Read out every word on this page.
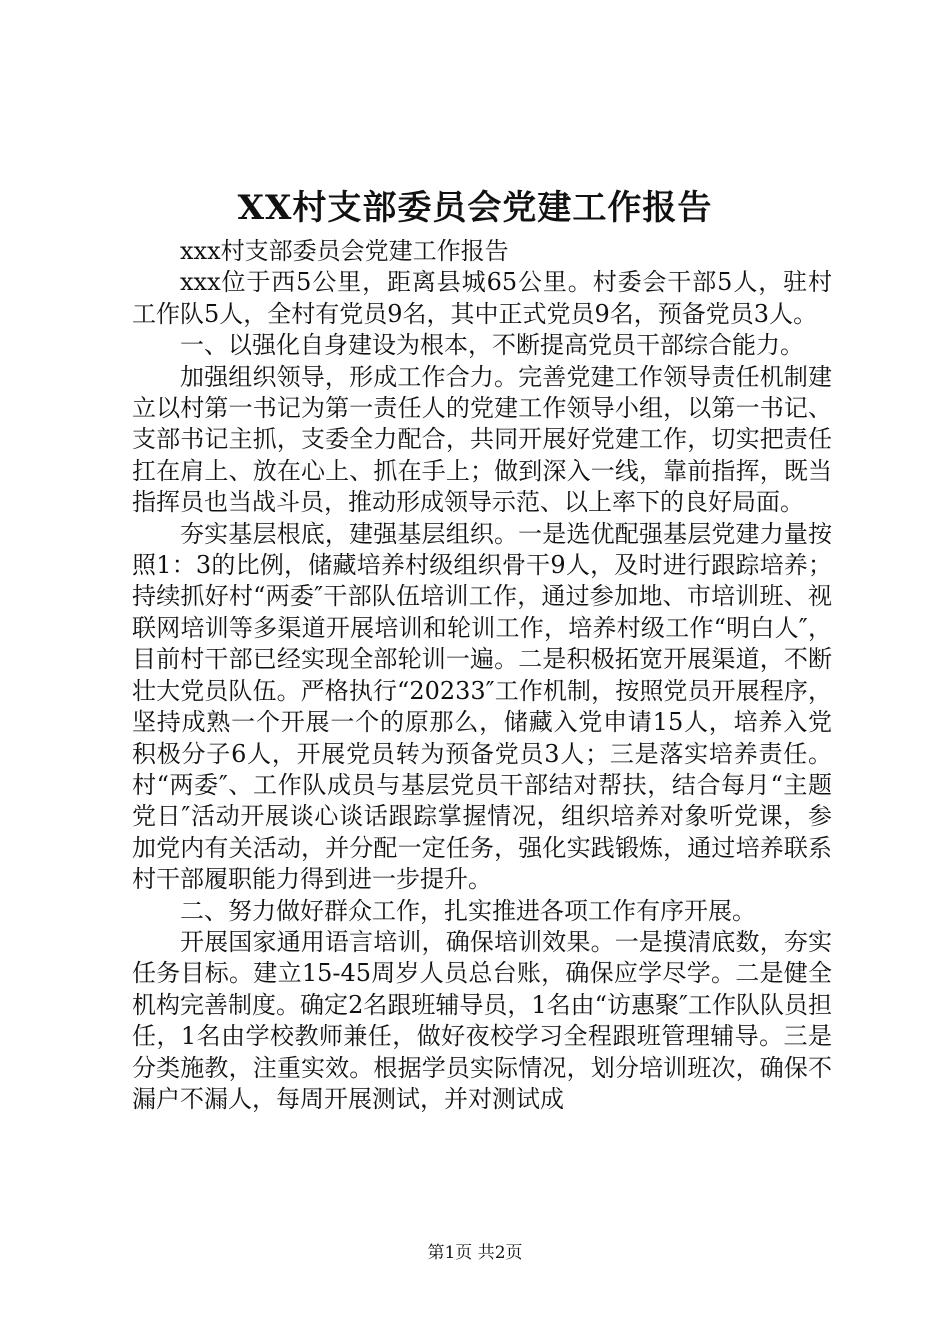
XX村支部委员会党建工作报告

xxx村支部委员会党建工作报告

xxx位于西5公里，距离县城65公里。村委会干部5人，驻村工作队5人，全村有党员9名，其中正式党员9名，预备党员3人。

一、以强化自身建设为根本，不断提高党员干部综合能力。

加强组织领导，形成工作合力。完善党建工作领导责任机制建立以村第一书记为第一责任人的党建工作领导小组，以第一书记、支部书记主抓，支委全力配合，共同开展好党建工作，切实把责任扛在肩上、放在心上、抓在手上；做到深入一线，靠前指挥，既当指挥员也当战斗员，推动形成领导示范、以上率下的良好局面。

夯实基层根底，建强基层组织。一是选优配强基层党建力量按照1：3的比例，储藏培养村级组织骨干9人，及时进行跟踪培养；持续抓好村“两委″干部队伍培训工作，通过参加地、市培训班、视联网培训等多渠道开展培训和轮训工作，培养村级工作“明白人″，目前村干部已经实现全部轮训一遍。二是积极拓宽开展渠道，不断壮大党员队伍。严格执行“20233″工作机制，按照党员开展程序，坚持成熟一个开展一个的原那么，储藏入党申请15人，培养入党积极分子6人，开展党员转为预备党员3人；三是落实培养责任。村“两委″、工作队成员与基层党员干部结对帮扶，结合每月“主题党日″活动开展谈心谈话跟踪掌握情况，组织培养对象听党课，参加党内有关活动，并分配一定任务，强化实践锻炼，通过培养联系村干部履职能力得到进一步提升。

二、努力做好群众工作，扎实推进各项工作有序开展。

开展国家通用语言培训，确保培训效果。一是摸清底数，夯实任务目标。建立15-45周岁人员总台账，确保应学尽学。二是健全机构完善制度。确定2名跟班辅导员，1名由“访惠聚″工作队队员担任，1名由学校教师兼任，做好夜校学习全程跟班管理辅导。三是分类施教，注重实效。根据学员实际情况，划分培训班次，确保不漏户不漏人，每周开展测试，并对测试成

第1页 共2页
